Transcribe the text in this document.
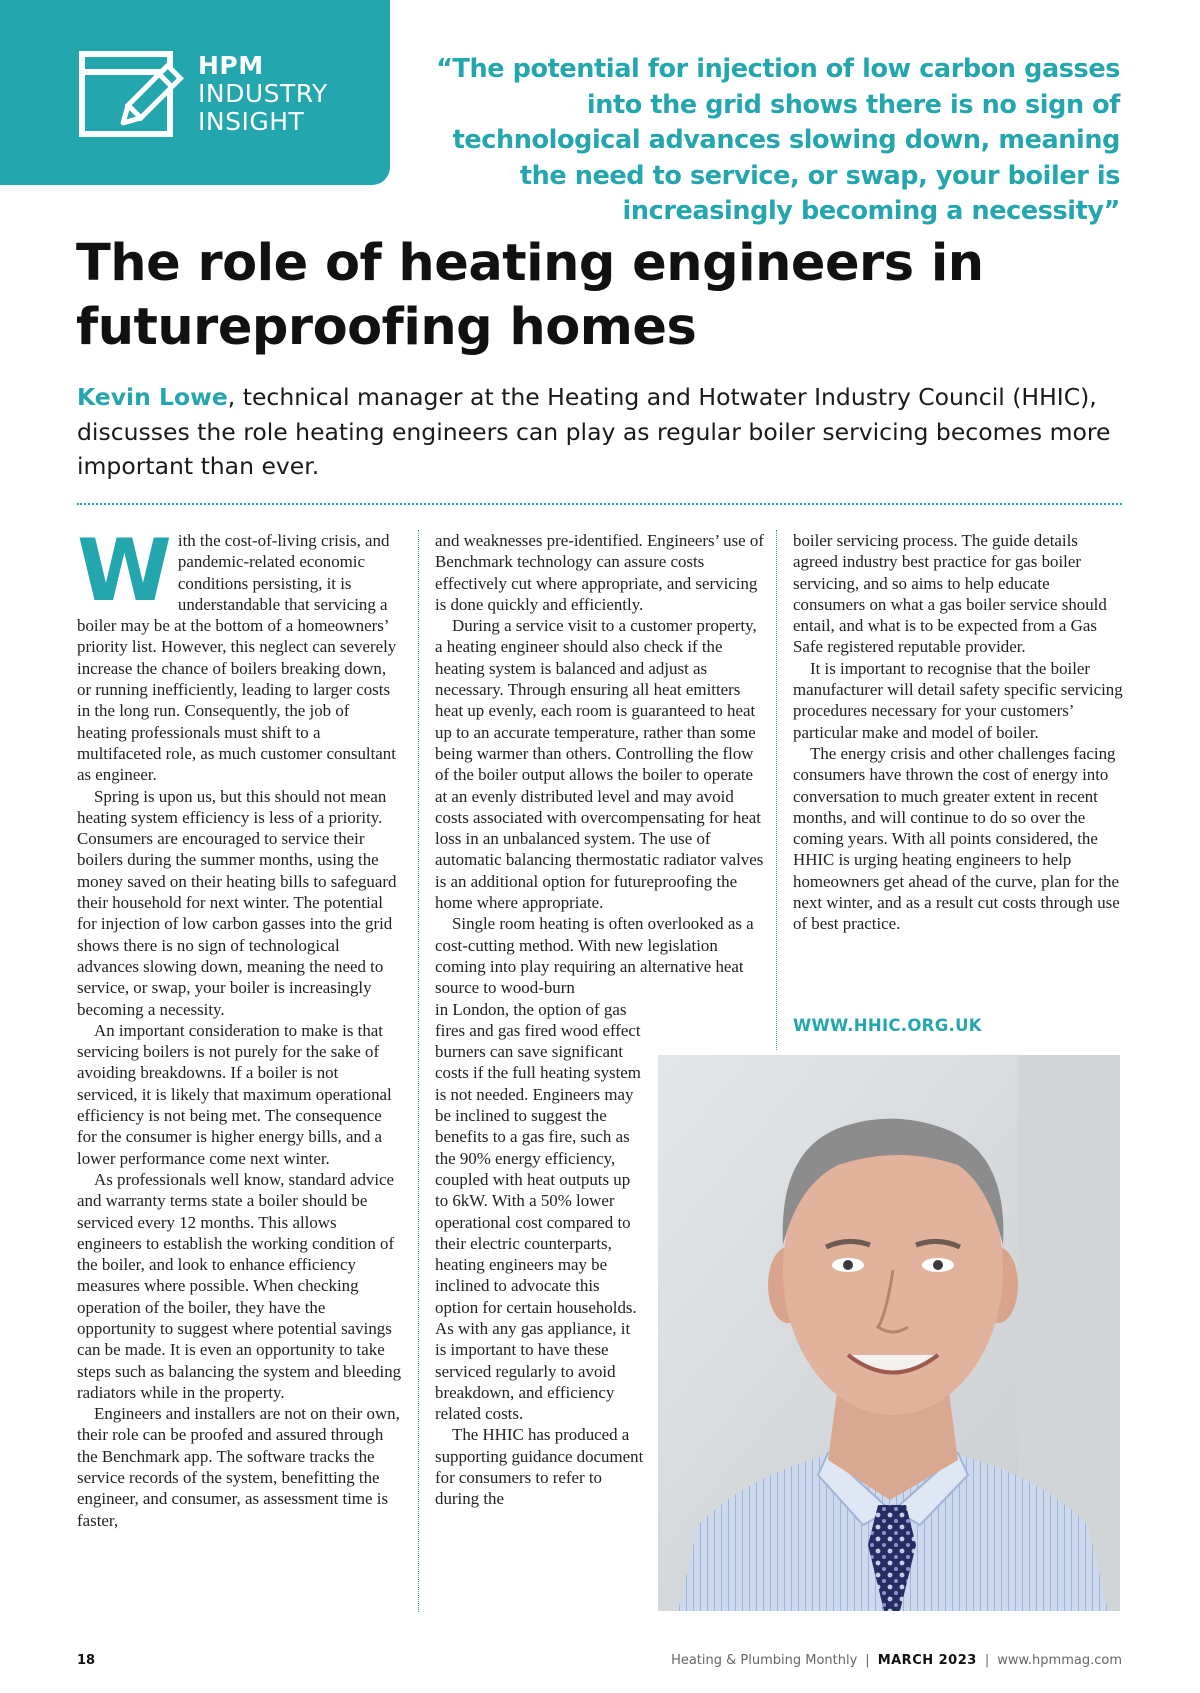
HPM
INDUSTRY
INSIGHT
“The potential for injection of low carbon gasses into the grid shows there is no sign of technological advances slowing down, meaning the need to service, or swap, your boiler is increasingly becoming a necessity”
The role of heating engineers in
futureproofing homes

Kevin Lowe, technical manager at the Heating and Hotwater Industry Council (HHIC), discusses the role heating engineers can play as regular boiler servicing becomes more important than ever.

W ith the cost-of-living crisis, and pandemic-related economic conditions persisting, it is understandable that servicing a boiler may be at the bottom of a homeowners’ priority list. However, this neglect can severely increase the chance of boilers breaking down, or running inefficiently, leading to larger costs in the long run. Consequently, the job of heating professionals must shift to a multifaceted role, as much customer consultant as engineer.

Spring is upon us, but this should not mean heating system efficiency is less of a priority. Consumers are encouraged to service their boilers during the summer months, using the money saved on their heating bills to safeguard their household for next winter. The potential for injection of low carbon gasses into the grid shows there is no sign of technological advances slowing down, meaning the need to service, or swap, your boiler is increasingly becoming a necessity.

An important consideration to make is that servicing boilers is not purely for the sake of avoiding breakdowns. If a boiler is not serviced, it is likely that maximum operational efficiency is not being met. The consequence for the consumer is higher energy bills, and a lower performance come next winter.

As professionals well know, standard advice and warranty terms state a boiler should be serviced every 12 months. This allows engineers to establish the working condition of the boiler, and look to enhance efficiency measures where possible. When checking operation of the boiler, they have the opportunity to suggest where potential savings can be made. It is even an opportunity to take steps such as balancing the system and bleeding radiators while in the property.

Engineers and installers are not on their own, their role can be proofed and assured through the Benchmark app. The software tracks the service records of the system, benefitting the engineer, and consumer, as assessment time is faster,

and weaknesses pre-identified. Engineers’ use of Benchmark technology can assure costs effectively cut where appropriate, and servicing is done quickly and efficiently.

During a service visit to a customer property, a heating engineer should also check if the heating system is balanced and adjust as necessary. Through ensuring all heat emitters heat up evenly, each room is guaranteed to heat up to an accurate temperature, rather than some being warmer than others. Controlling the flow of the boiler output allows the boiler to operate at an evenly distributed level and may avoid costs associated with overcompensating for heat loss in an unbalanced system. The use of automatic balancing thermostatic radiator valves is an additional option for futureproofing the home where appropriate.

Single room heating is often overlooked as a cost-cutting method. With new legislation coming into play requiring an alternative heat source to wood-burn

in London, the option of gas fires and gas fired wood effect burners can save significant costs if the full heating system is not needed. Engineers may be inclined to suggest the benefits to a gas fire, such as the 90% energy efficiency, coupled with heat outputs up to 6kW. With a 50% lower operational cost compared to their electric counterparts, heating engineers may be inclined to advocate this option for certain households. As with any gas appliance, it is important to have these serviced regularly to avoid breakdown, and efficiency related costs.

The HHIC has produced a supporting guidance document for consumers to refer to during the

boiler servicing process. The guide details agreed industry best practice for gas boiler servicing, and so aims to help educate consumers on what a gas boiler service should entail, and what is to be expected from a Gas Safe registered reputable provider.

It is important to recognise that the boiler manufacturer will detail safety specific servicing procedures necessary for your customers’ particular make and model of boiler.

The energy crisis and other challenges facing consumers have thrown the cost of energy into conversation to much greater extent in recent months, and will continue to do so over the coming years. With all points considered, the HHIC is urging heating engineers to help homeowners get ahead of the curve, plan for the next winter, and as a result cut costs through use of best practice.

WWW.HHIC.ORG.UK
18	Heating & Plumbing Monthly | MARCH 2023 | www.hpmmag.com
